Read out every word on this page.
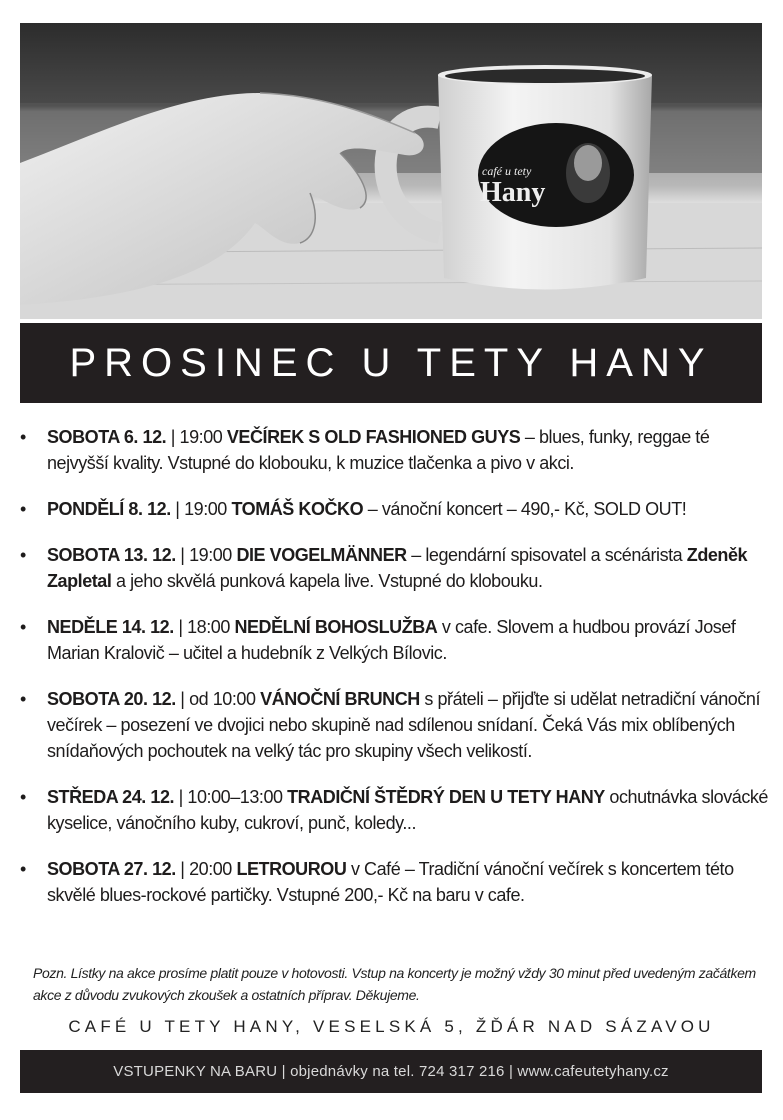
café u tety
Hany
PROSINEC U TETY HANY
• SOBOTA 6. 12. | 19:00 VEČÍREK S OLD FASHIONED GUYS – blues, funky, reggae té nejvyšší kvality. Vstupné do klobouku, k muzice tlačenka a pivo v akci.
• PONDĚLÍ 8. 12. | 19:00 TOMÁŠ KOČKO – vánoční koncert – 490,- Kč, SOLD OUT!
• SOBOTA 13. 12. | 19:00 DIE VOGELMÄNNER – legendární spisovatel a scénárista Zdeněk Zapletal a jeho skvělá punková kapela live. Vstupné do klobouku.
• NEDĚLE 14. 12. | 18:00 NEDĚLNÍ BOHOSLUŽBA v cafe. Slovem a hudbou provází Josef Marian Kralovič – učitel a hudebník z Velkých Bílovic.
• SOBOTA 20. 12. | od 10:00 VÁNOČNÍ BRUNCH s přáteli – přijďte si udělat netradiční vánoční večírek – posezení ve dvojici nebo skupině nad sdílenou snídaní. Čeká Vás mix oblíbených snídaňových pochoutek na velký tác pro skupiny všech velikostí.
• STŘEDA 24. 12. | 10:00–13:00 TRADIČNÍ ŠTĚDRÝ DEN U TETY HANY ochutnávka slovácké kyselice, vánočního kuby, cukroví, punč, koledy...
• SOBOTA 27. 12. | 20:00 LETROUROU v Café – Tradiční vánoční večírek s koncertem této skvělé blues-rockové partičky. Vstupné 200,- Kč na baru v cafe.
Pozn. Lístky na akce prosíme platit pouze v hotovosti. Vstup na koncerty je možný vždy 30 minut před uvedeným začátkem akce z důvodu zvukových zkoušek a ostatních příprav. Děkujeme.
CAFÉ U TETY HANY, VESELSKÁ 5, ŽĎÁR NAD SÁZAVOU
VSTUPENKY NA BARU | objednávky na tel. 724 317 216 | www.cafeutetyhany.cz
